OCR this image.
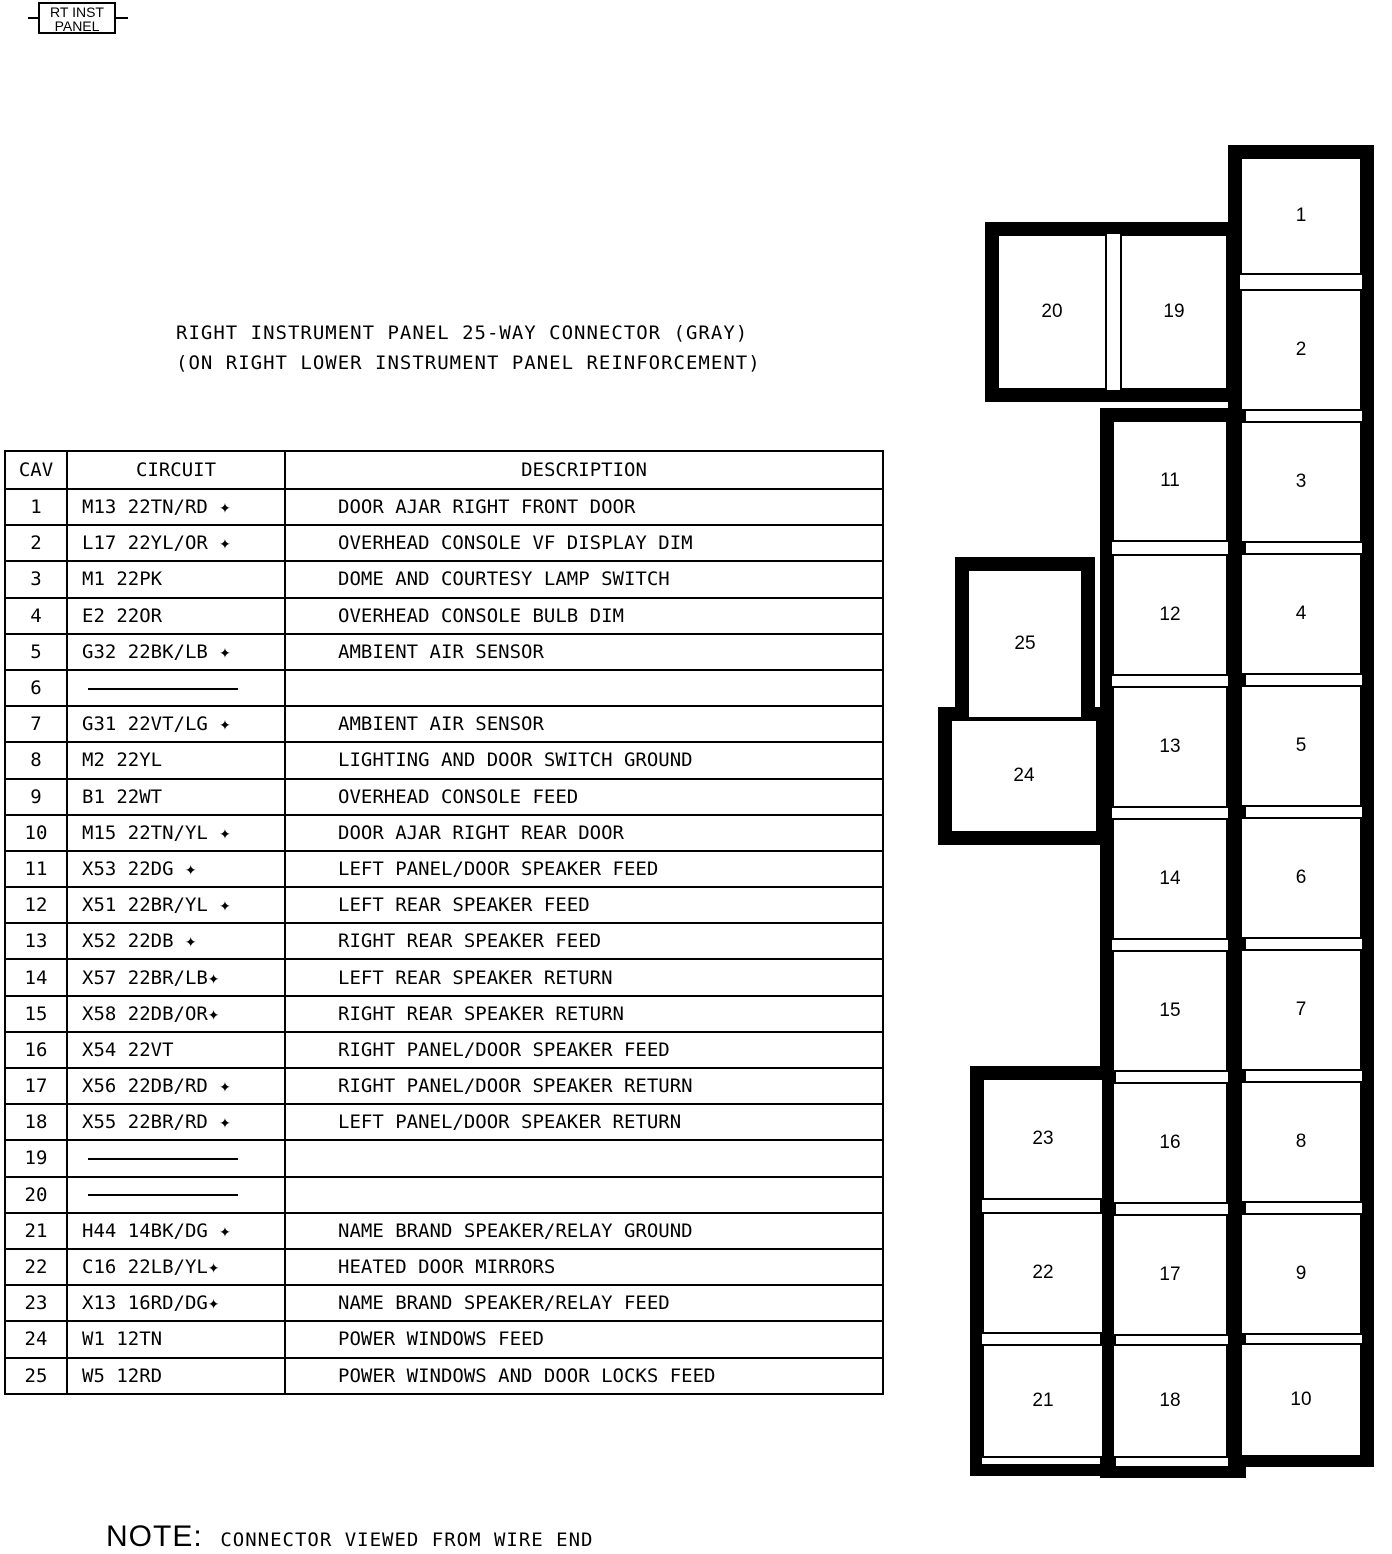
RT INST
PANEL
RIGHT INSTRUMENT PANEL 25-WAY CONNECTOR (GRAY)
(ON RIGHT LOWER INSTRUMENT PANEL REINFORCEMENT)
CAV	CIRCUIT	DESCRIPTION
1	M13 22TN/RD ✦	DOOR AJAR RIGHT FRONT DOOR
2	L17 22YL/OR ✦	OVERHEAD CONSOLE VF DISPLAY DIM
3	M1 22PK	DOME AND COURTESY LAMP SWITCH
4	E2 22OR	OVERHEAD CONSOLE BULB DIM
5	G32 22BK/LB ✦	AMBIENT AIR SENSOR
6		
7	G31 22VT/LG ✦	AMBIENT AIR SENSOR
8	M2 22YL	LIGHTING AND DOOR SWITCH GROUND
9	B1 22WT	OVERHEAD CONSOLE FEED
10	M15 22TN/YL ✦	DOOR AJAR RIGHT REAR DOOR
11	X53 22DG ✦	LEFT PANEL/DOOR SPEAKER FEED
12	X51 22BR/YL ✦	LEFT REAR SPEAKER FEED
13	X52 22DB ✦	RIGHT REAR SPEAKER FEED
14	X57 22BR/LB✦	LEFT REAR SPEAKER RETURN
15	X58 22DB/OR✦	RIGHT REAR SPEAKER RETURN
16	X54 22VT	RIGHT PANEL/DOOR SPEAKER FEED
17	X56 22DB/RD ✦	RIGHT PANEL/DOOR SPEAKER RETURN
18	X55 22BR/RD ✦	LEFT PANEL/DOOR SPEAKER RETURN
19		
20		
21	H44 14BK/DG ✦	NAME BRAND SPEAKER/RELAY GROUND
22	C16 22LB/YL✦	HEATED DOOR MIRRORS
23	X13 16RD/DG✦	NAME BRAND SPEAKER/RELAY FEED
24	W1 12TN	POWER WINDOWS FEED
25	W5 12RD	POWER WINDOWS AND DOOR LOCKS FEED
1
2
3
4
5
6
7
8
9
10
11
12
13
14
15
16
17
18
19
20
21
22
23
24
25
NOTE: CONNECTOR VIEWED FROM WIRE END
